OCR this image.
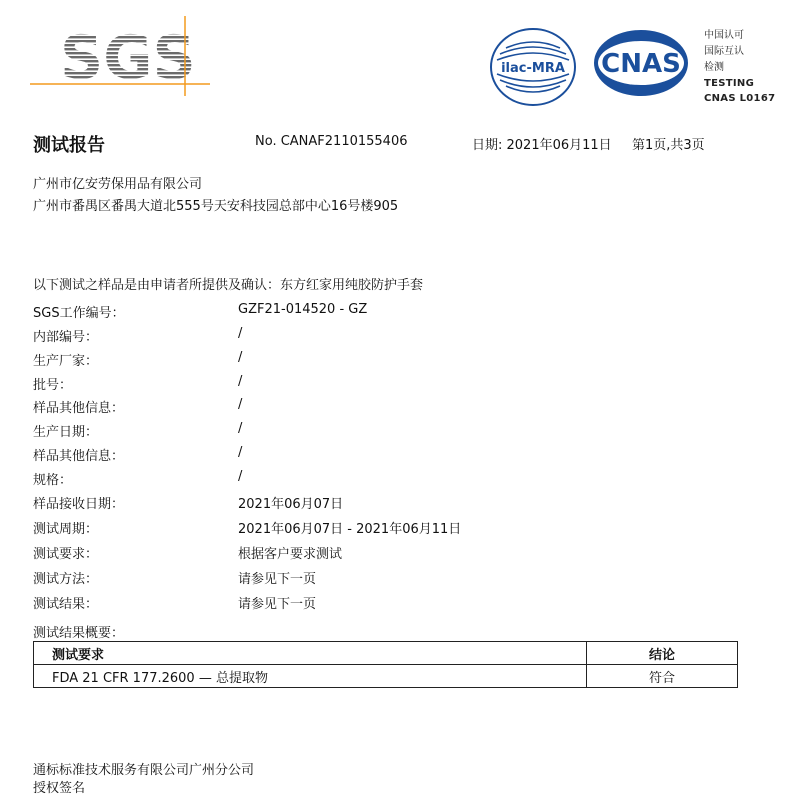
SGS	ilac-MRA CNAS
中国认可
国际互认
检测
TESTING
CNAS L0167
测试报告	No. CANAF2110155406	日期: 2021年06月11日 第1页,共3页
广州市亿安劳保用品有限公司
广州市番禺区番禺大道北555号天安科技园总部中心16号楼905
以下测试之样品是由申请者所提供及确认：东方红家用纯胶防护手套
SGS工作编号：	GZF21-014520 - GZ
内部编号：	/
生产厂家：	/
批号：	/
样品其他信息：	/
生产日期：	/
样品其他信息：	/
规格：	/
样品接收日期：	2021年06月07日
测试周期：	2021年06月07日 - 2021年06月11日
测试要求：	根据客户要求测试
测试方法：	请参见下一页
测试结果：	请参见下一页
测试结果概要：
测试要求	结论
FDA 21 CFR 177.2600 — 总提取物	符合
通标标准技术服务有限公司广州分公司
授权签名
